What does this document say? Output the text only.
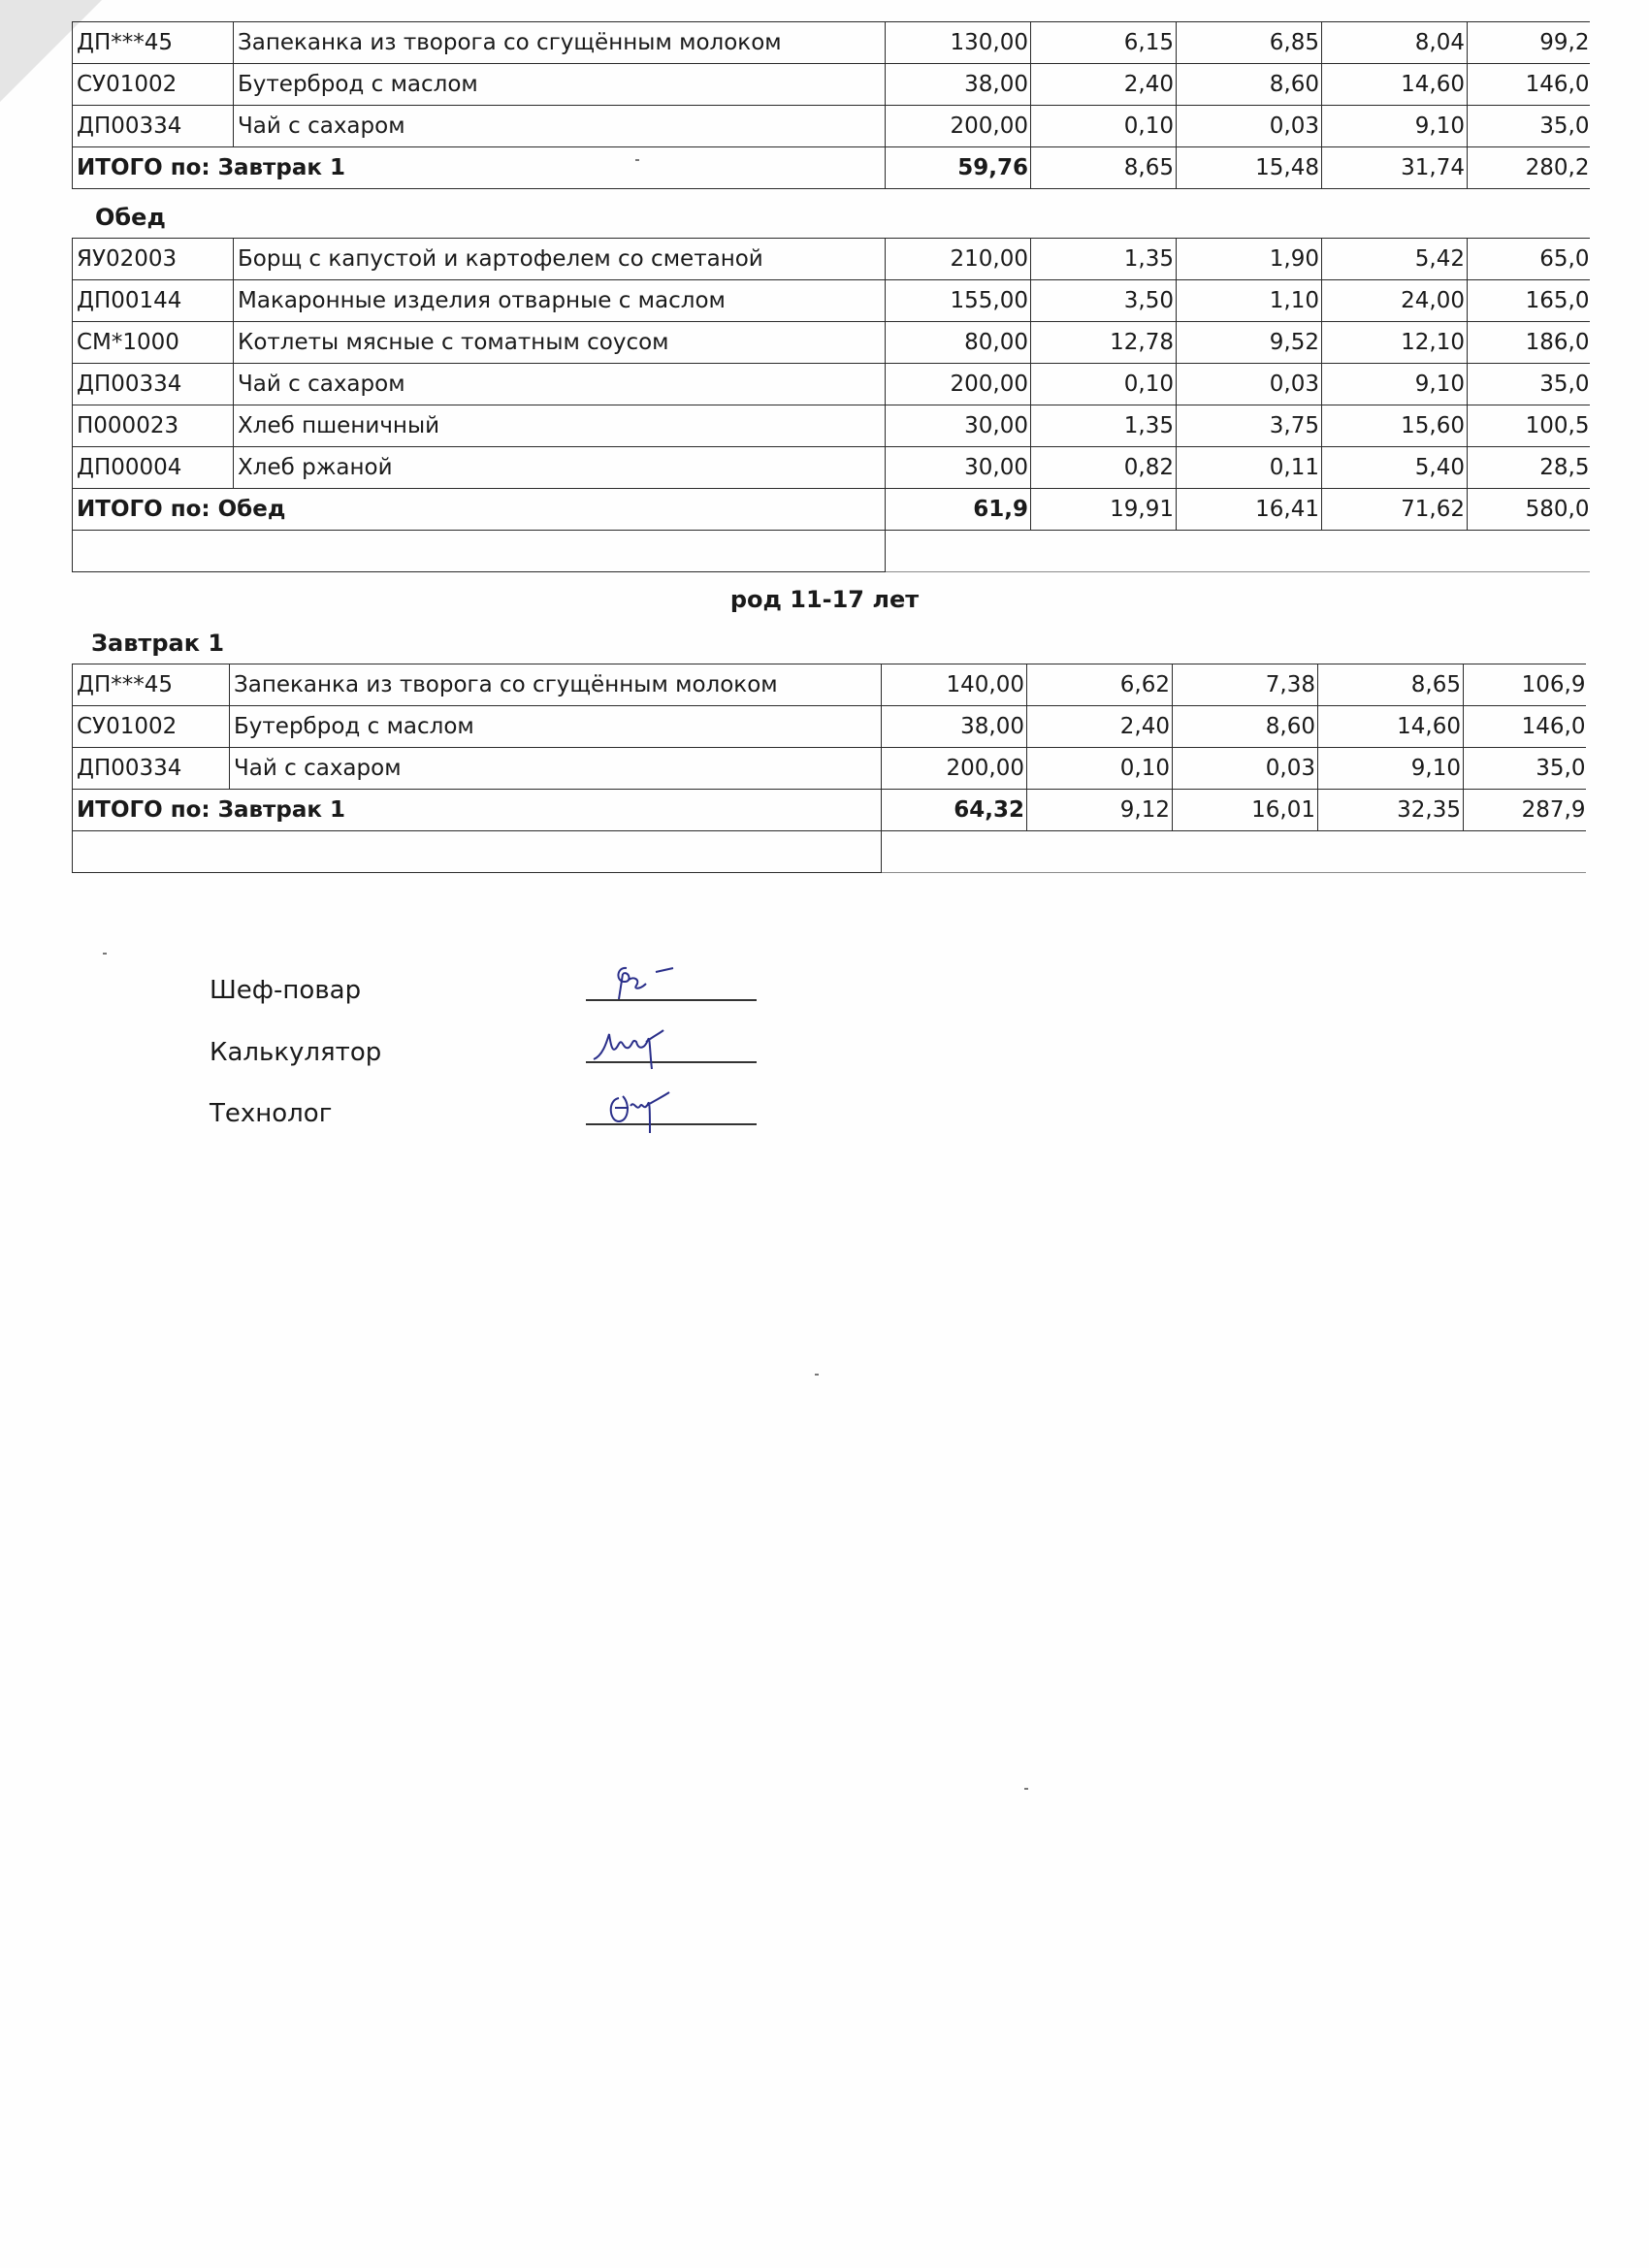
ДП***45	Запеканка из творога со сгущённым молоком	130,00	6,15	6,85	8,04	99,2
СУ01002	Бутерброд с маслом	38,00	2,40	8,60	14,60	146,0
ДП00334	Чай с сахаром	200,00	0,10	0,03	9,10	35,0
ИТОГО по: Завтрак 1		59,76	8,65	15,48	31,74	280,2
Обед
ЯУ02003	Борщ с капустой и картофелем со сметаной	210,00	1,35	1,90	5,42	65,0
ДП00144	Макаронные изделия отварные с маслом	155,00	3,50	1,10	24,00	165,0
СМ*1000	Котлеты мясные с томатным соусом	80,00	12,78	9,52	12,10	186,0
ДП00334	Чай с сахаром	200,00	0,10	0,03	9,10	35,0
П000023	Хлеб пшеничный	30,00	1,35	3,75	15,60	100,5
ДП00004	Хлеб ржаной	30,00	0,82	0,11	5,40	28,5
ИТОГО по: Обед		61,9	19,91	16,41	71,62	580,0

род 11-17 лет
Завтрак 1
ДП***45	Запеканка из творога со сгущённым молоком	140,00	6,62	7,38	8,65	106,9
СУ01002	Бутерброд с маслом	38,00	2,40	8,60	14,60	146,0
ДП00334	Чай с сахаром	200,00	0,10	0,03	9,10	35,0
ИТОГО по: Завтрак 1		64,32	9,12	16,01	32,35	287,9

Шеф-повар
Калькулятор
Технолог
